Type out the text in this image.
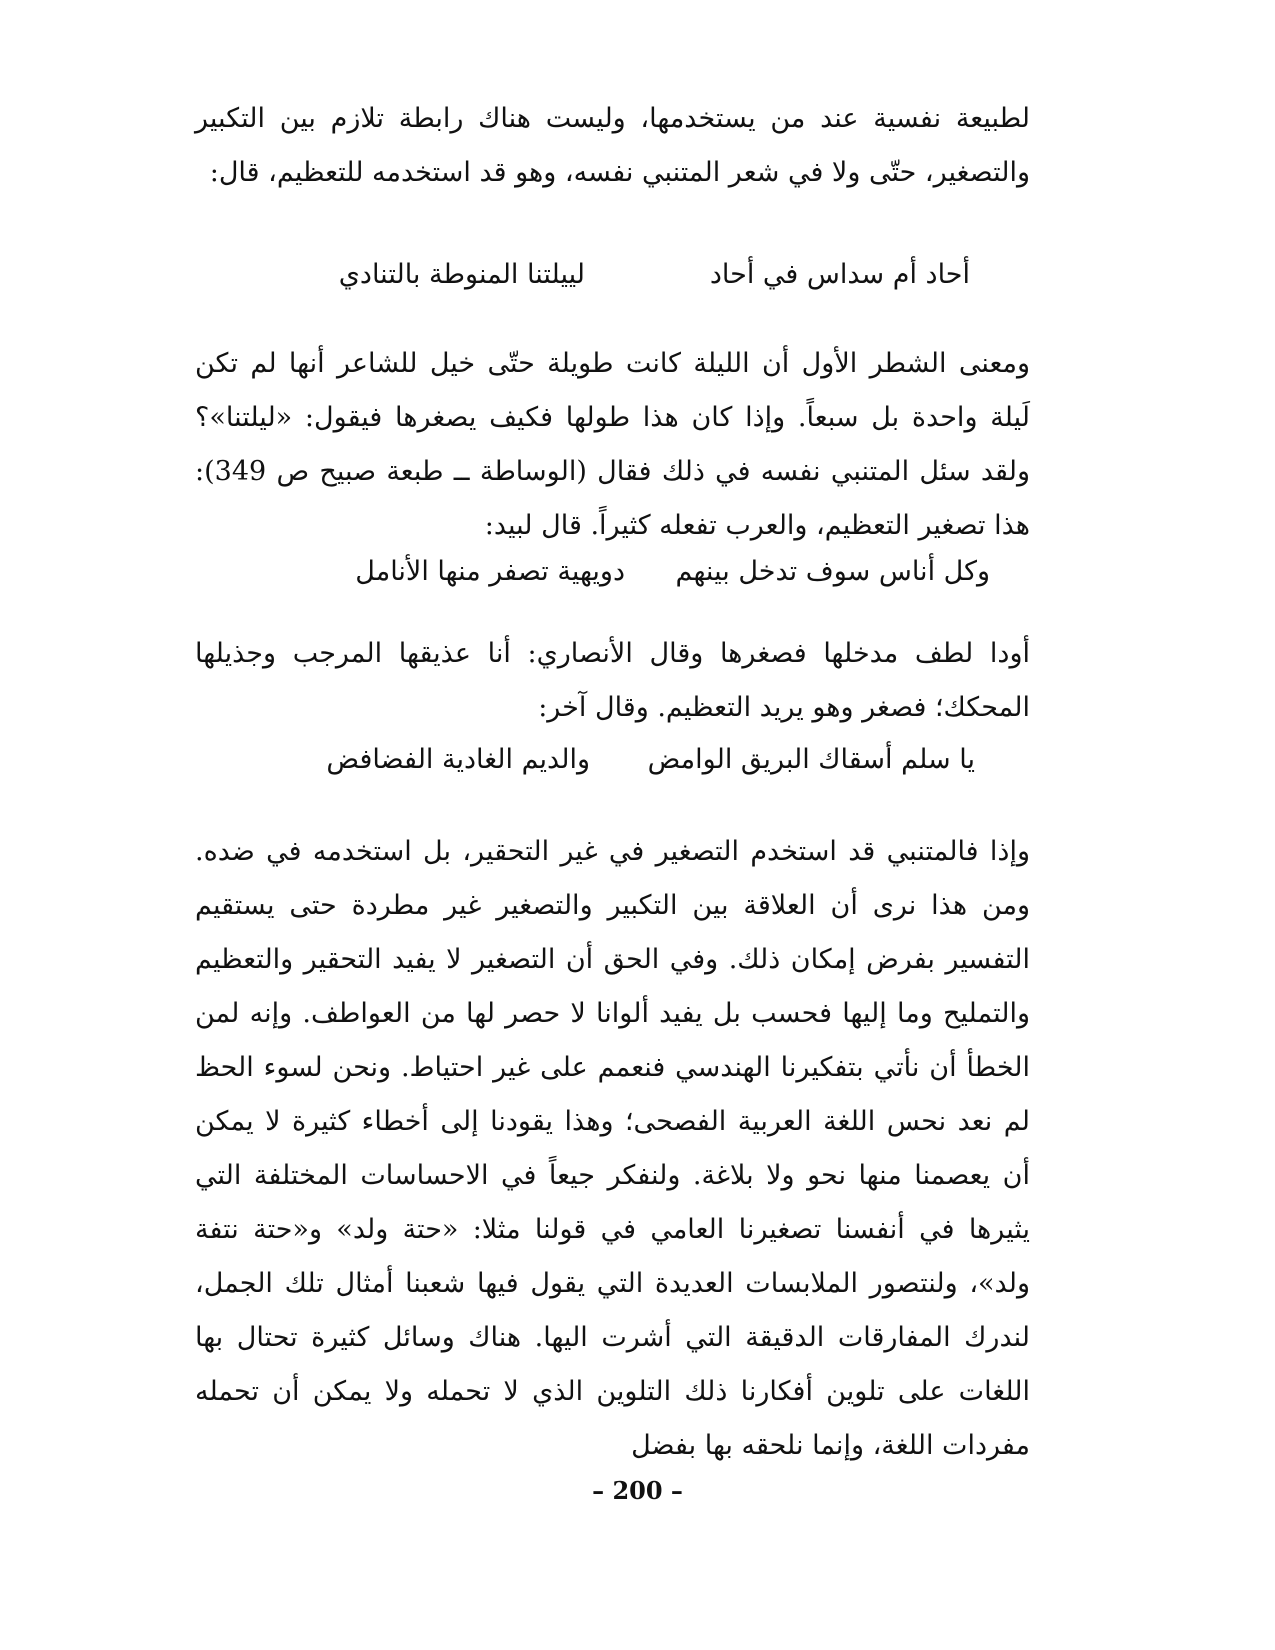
لطبيعة نفسية عند من يستخدمها، وليست هناك رابطة تلازم بين التكبير والتصغير، حتّى ولا في شعر المتنبي نفسه، وهو قد استخدمه للتعظيم، قال:

أحاد أم سداس في أحاد
لييلتنا المنوطة بالتنادي

ومعنى الشطر الأول أن الليلة كانت طويلة حتّى خيل للشاعر أنها لم تكن لَيلة واحدة بل سبعاً. وإذا كان هذا طولها فكيف يصغرها فيقول: «ليلتنا»؟ ولقد سئل المتنبي نفسه في ذلك فقال (الوساطة ــ طبعة صبيح ص 349): هذا تصغير التعظيم، والعرب تفعله كثيراً. قال لبيد:

وكل أناس سوف تدخل بينهم
دويهية تصفر منها الأنامل

أودا لطف مدخلها فصغرها وقال الأنصاري: أنا عذيقها المرجب وجذيلها المحكك؛ فصغر وهو يريد التعظيم. وقال آخر:

يا سلم أسقاك البريق الوامض
والديم الغادية الفضافض

وإذا فالمتنبي قد استخدم التصغير في غير التحقير، بل استخدمه في ضده. ومن هذا نرى أن العلاقة بين التكبير والتصغير غير مطردة حتى يستقيم التفسير بفرض إمكان ذلك. وفي الحق أن التصغير لا يفيد التحقير والتعظيم والتمليح وما إليها فحسب بل يفيد ألوانا لا حصر لها من العواطف. وإنه لمن الخطأ أن نأتي بتفكيرنا الهندسي فنعمم على غير احتياط. ونحن لسوء الحظ لم نعد نحس اللغة العربية الفصحى؛ وهذا يقودنا إلى أخطاء كثيرة لا يمكن أن يعصمنا منها نحو ولا بلاغة. ولنفكر جيعاً في الاحساسات المختلفة التي يثيرها في أنفسنا تصغيرنا العامي في قولنا مثلا: «حتة ولد» و«حتة نتفة ولد»، ولنتصور الملابسات العديدة التي يقول فيها شعبنا أمثال تلك الجمل، لندرك المفارقات الدقيقة التي أشرت اليها. هناك وسائل كثيرة تحتال بها اللغات على تلوين أفكارنا ذلك التلوين الذي لا تحمله ولا يمكن أن تحمله مفردات اللغة، وإنما نلحقه بها بفضل

– 200 –
